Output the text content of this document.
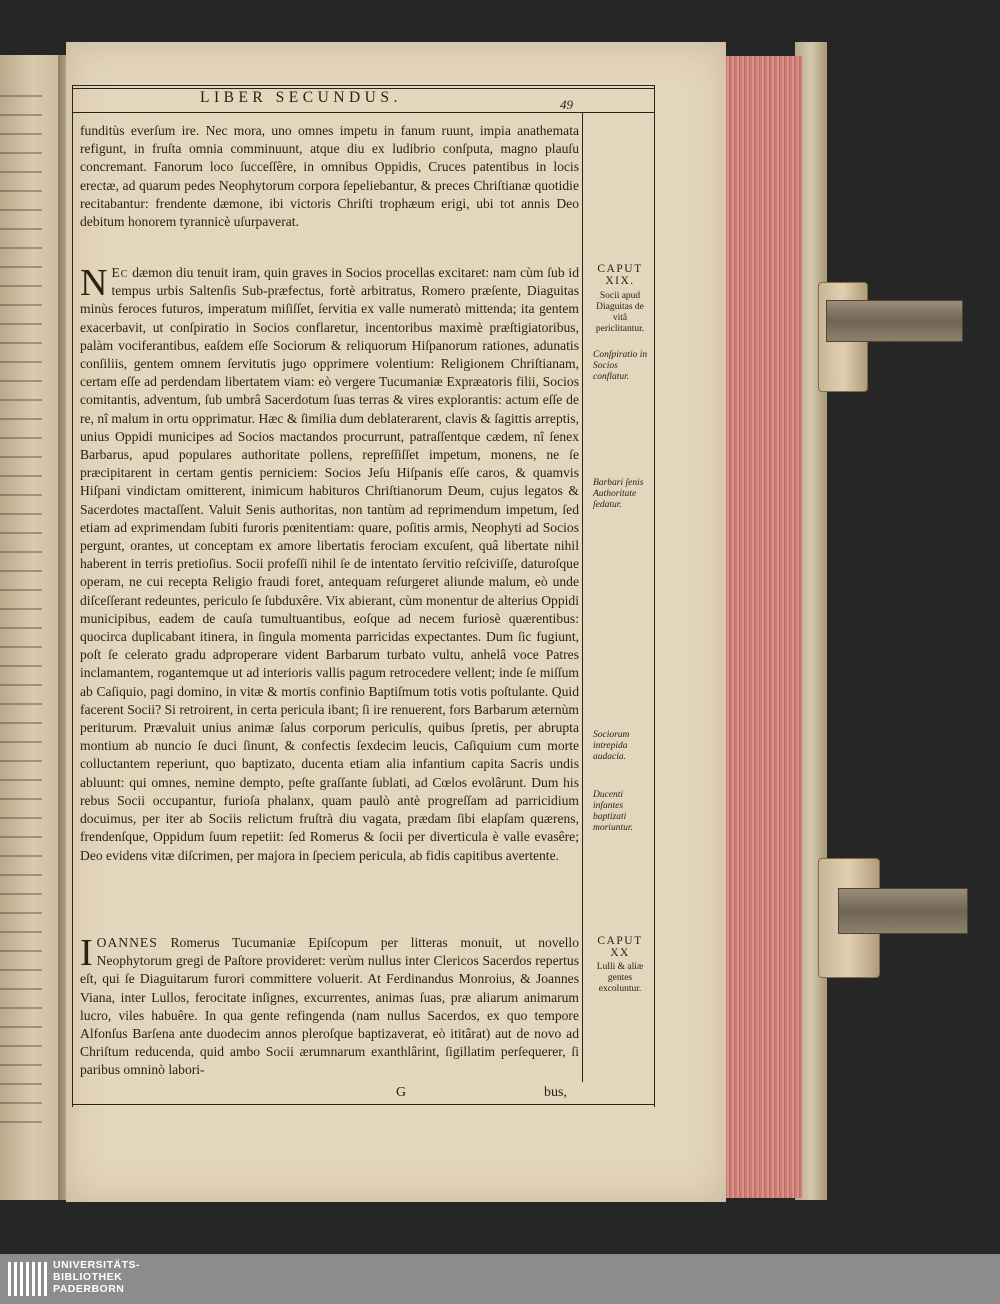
LIBER SECUNDUS.	49
funditùs everſum ire. Nec mora, uno omnes impetu in fanum ruunt, impia anathemata refigunt, in fruſta omnia comminuunt, atque diu ex ludibrio conſputa, magno plauſu concremant. Fanorum loco ſucceſſêre, in omnibus Oppidis, Cruces patentibus in locis erectæ, ad quarum pedes Neophytorum corpora ſepeliebantur, & preces Chriſtianæ quotidie recitabantur: frendente dæmone, ibi victoris Chriſti trophæum erigi, ubi tot annis Deo debitum honorem tyrannicè uſurpaverat.
N Ec dæmon diu tenuit iram, quin graves in Socios procellas excitaret: nam cùm ſub id tempus urbis Saltenſis Sub-præfectus, fortè arbitratus, Romero præſente, Diaguitas minùs feroces futuros, imperatum miſiſſet, ſervitia ex valle numeratò mittenda; ita gentem exacerbavit, ut conſpiratio in Socios conflaretur, incentoribus maximè præſtigiatoribus, palàm vociferantibus, eaſdem eſſe Sociorum & reliquorum Hiſpanorum rationes, adunatis conſiliis, gentem omnem ſervitutis jugo opprimere volentium: Religionem Chriſtianam, certam eſſe ad perdendam libertatem viam: eò vergere Tucumaniæ Expræatoris filii, Socios comitantis, adventum, ſub umbrâ Sacerdotum ſuas terras & vires explorantis: actum eſſe de re, nî malum in ortu opprimatur. Hæc & ſimilia dum deblaterarent, clavis & ſagittis arreptis, unius Oppidi municipes ad Socios mactandos procurrunt, patraſſentque cædem, nî ſenex Barbarus, apud populares authoritate pollens, repreſſiſſet impetum, monens, ne ſe præcipitarent in certam gentis perniciem: Socios Jeſu Hiſpanis eſſe caros, & quamvis Hiſpani vindictam omitterent, inimicum habituros Chriſtianorum Deum, cujus legatos & Sacerdotes mactaſſent. Valuit Senis authoritas, non tantùm ad reprimendum impetum, ſed etiam ad exprimendam ſubiti furoris pœnitentiam: quare, poſitis armis, Neophyti ad Socios pergunt, orantes, ut conceptam ex amore libertatis ferociam excuſent, quâ libertate nihil haberent in terris pretioſius. Socii profeſſi nihil ſe de intentato ſervitio reſciviſſe, daturoſque operam, ne cui recepta Religio fraudi foret, antequam reſurgeret aliunde malum, eò unde diſceſſerant redeuntes, periculo ſe ſubduxêre. Vix abierant, cùm monentur de alterius Oppidi municipibus, eadem de cauſa tumultuantibus, eoſque ad necem furiosè quærentibus: quocirca duplicabant itinera, in ſingula momenta parricidas expectantes. Dum ſic fugiunt, poſt ſe celerato gradu adproperare vident Barbarum turbato vultu, anhelâ voce Patres inclamantem, rogantemque ut ad interioris vallis pagum retrocedere vellent; inde ſe miſſum ab Caſiquio, pagi domino, in vitæ & mortis confinio Baptiſmum totis votis poſtulante. Quid facerent Socii? Si retroirent, in certa pericula ibant; ſi ire renuerent, fors Barbarum æternùm periturum. Prævaluit unius animæ ſalus corporum periculis, quibus ſpretis, per abrupta montium ab nuncio ſe duci ſinunt, & confectis ſexdecim leucis, Caſiquium cum morte colluctantem reperiunt, quo baptizato, ducenta etiam alia infantium capita Sacris undis abluunt: qui omnes, nemine dempto, peſte graſſante ſublati, ad Cœlos evolârunt. Dum his rebus Socii occupantur, furioſa phalanx, quam paulò antè progreſſam ad parricidium docuimus, per iter ab Sociis relictum fruſtrà diu vagata, prædam ſibi elapſam quærens, frendenſque, Oppidum ſuum repetiit: ſed Romerus & ſocii per diverticula è valle evasêre; Deo evidens vitæ diſcrimen, per majora in ſpeciem pericula, ab fidis capitibus avertente.
IOANNES Romerus Tucumaniæ Epiſcopum per litteras monuit, ut novello Neophytorum gregi de Paſtore provideret: verùm nullus inter Clericos Sacerdos repertus eſt, qui ſe Diaguitarum furori committere voluerit. At Ferdinandus Monroius, & Joannes Viana, inter Lullos, ferocitate inſignes, excurrentes, animas ſuas, præ aliarum animarum lucro, viles habuêre. In qua gente refingenda (nam nullus Sacerdos, ex quo tempore Alfonſus Barſena ante duodecim annos pleroſque baptizaverat, eò ititârat) aut de novo ad Chriſtum reducenda, quid ambo Socii ærumnarum exanthlârint, ſigillatim perſequerer, ſi paribus omninò labori-
CAPUT XIX.
Socii apud Diaguitas de vitâ periclitantur.
Conſpiratio in Socios conflatur.
Barbari ſenis Authoritate ſedatur.
Sociorum intrepida audacia.
Ducenti infantes baptizati moriuntur.
CAPUT XX
Lulli & aliæ gentes excoluntur.
G	bus,
UNIVERSITÄTS-
BIBLIOTHEK
PADERBORN
